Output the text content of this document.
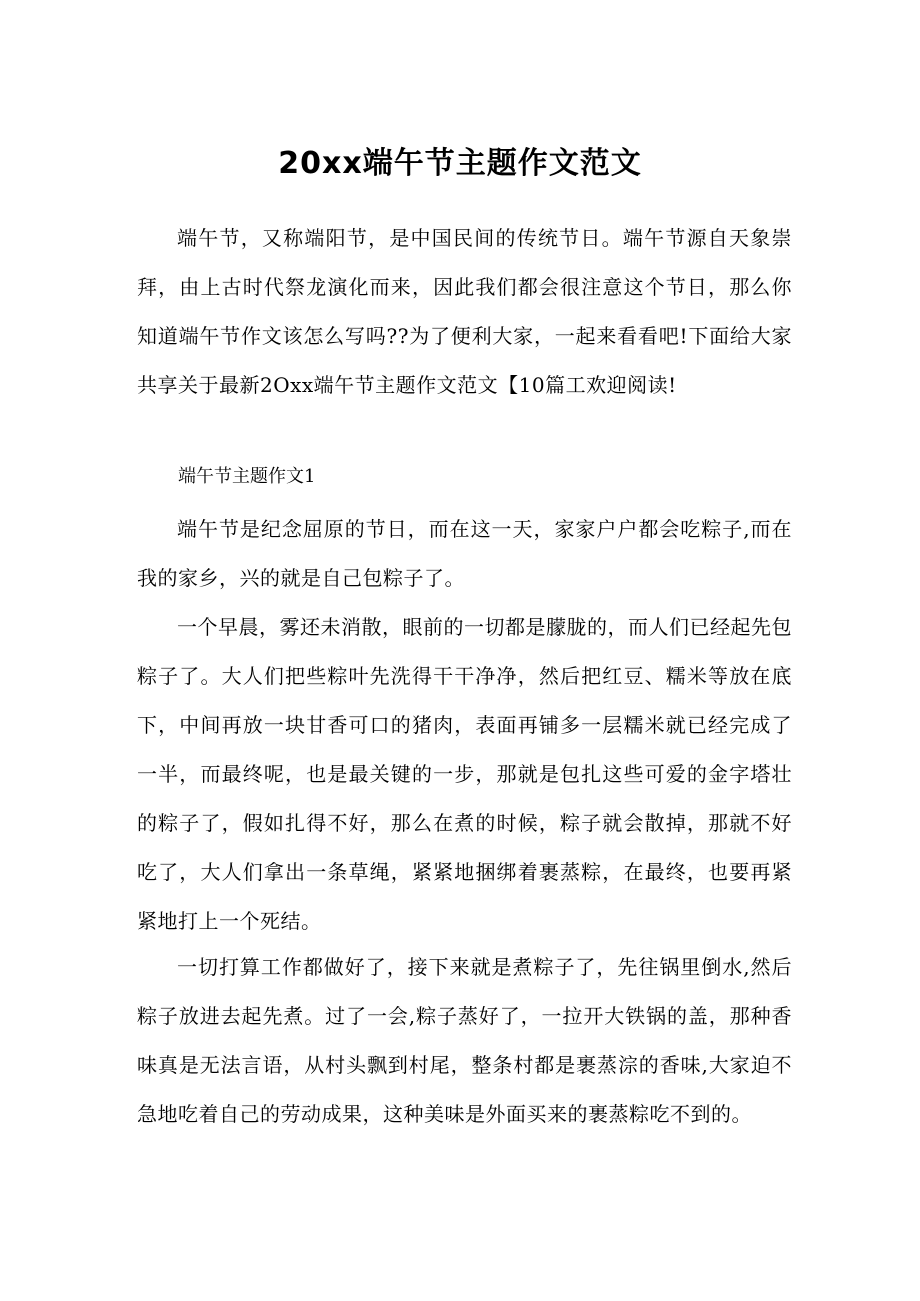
20xx端午节主题作文范文

端午节，又称端阳节，是中国民间的传统节日。端午节源自天象崇拜，由上古时代祭龙演化而来，因此我们都会很注意这个节日，那么你知道端午节作文该怎么写吗??为了便利大家，一起来看看吧!下面给大家共享关于最新2Oxx端午节主题作文范文【10篇工欢迎阅读!

端午节主题作文1

端午节是纪念屈原的节日，而在这一天，家家户户都会吃粽子,而在我的家乡，兴的就是自己包粽子了。

一个早晨，雾还未消散，眼前的一切都是朦胧的，而人们已经起先包粽子了。大人们把些粽叶先洗得干干净净，然后把红豆、糯米等放在底下，中间再放一块甘香可口的猪肉，表面再铺多一层糯米就已经完成了一半，而最终呢，也是最关键的一步，那就是包扎这些可爱的金字塔壮的粽子了，假如扎得不好，那么在煮的时候，粽子就会散掉，那就不好吃了，大人们拿出一条草绳，紧紧地捆绑着裹蒸粽，在最终，也要再紧紧地打上一个死结。

一切打算工作都做好了，接下来就是煮粽子了，先往锅里倒水,然后粽子放进去起先煮。过了一会,粽子蒸好了，一拉开大铁锅的盖，那种香味真是无法言语，从村头飘到村尾，整条村都是裹蒸淙的香味,大家迫不急地吃着自己的劳动成果，这种美味是外面买来的裹蒸粽吃不到的。
